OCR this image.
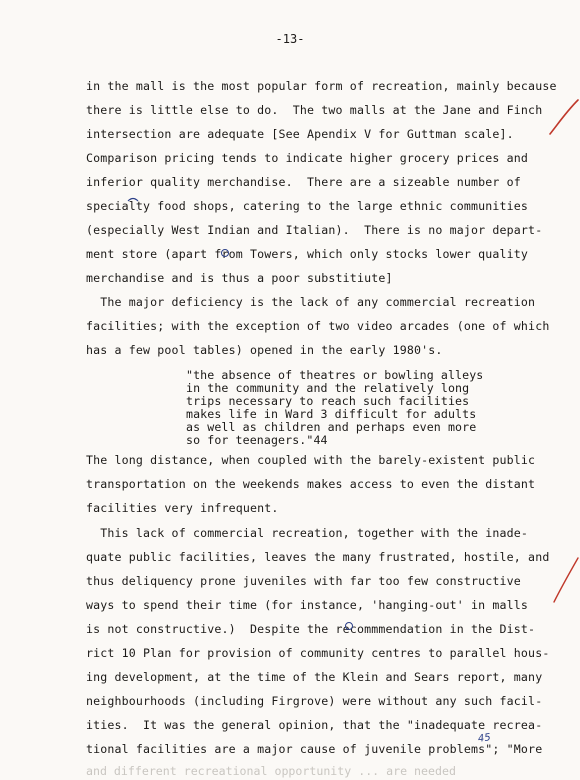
-13-
in the mall is the most popular form of recreation, mainly because
there is little else to do.  The two malls at the Jane and Finch
intersection are adequate [See Apendix V for Guttman scale].
Comparison pricing tends to indicate higher grocery prices and
inferior quality merchandise.  There are a sizeable number of
specialty food shops, catering to the large ethnic communities
(especially West Indian and Italian).  There is no major depart-
ment store (apart from Towers, which only stocks lower quality
merchandise and is thus a poor substitiute]
The major deficiency is the lack of any commercial recreation
facilities; with the exception of two video arcades (one of which
has a few pool tables) opened in the early 1980's.
"the absence of theatres or bowling alleys
in the community and the relatively long
trips necessary to reach such facilities
makes life in Ward 3 difficult for adults
as well as children and perhaps even more
so for teenagers."44
The long distance, when coupled with the barely-existent public
transportation on the weekends makes access to even the distant
facilities very infrequent.
This lack of commercial recreation, together with the inade-
quate public facilities, leaves the many frustrated, hostile, and
thus deliquency prone juveniles with far too few constructive
ways to spend their time (for instance, 'hanging-out' in malls
is not constructive.)  Despite the recommmendation in the Dist-
rict 10 Plan for provision of community centres to parallel hous-
ing development, at the time of the Klein and Sears report, many
neighbourhoods (including Firgrove) were without any such facil-
ities.  It was the general opinion, that the "inadequate recrea-
tional facilities are a major cause of juvenile problems"; "More
and different recreational opportunity ... are needed
45
